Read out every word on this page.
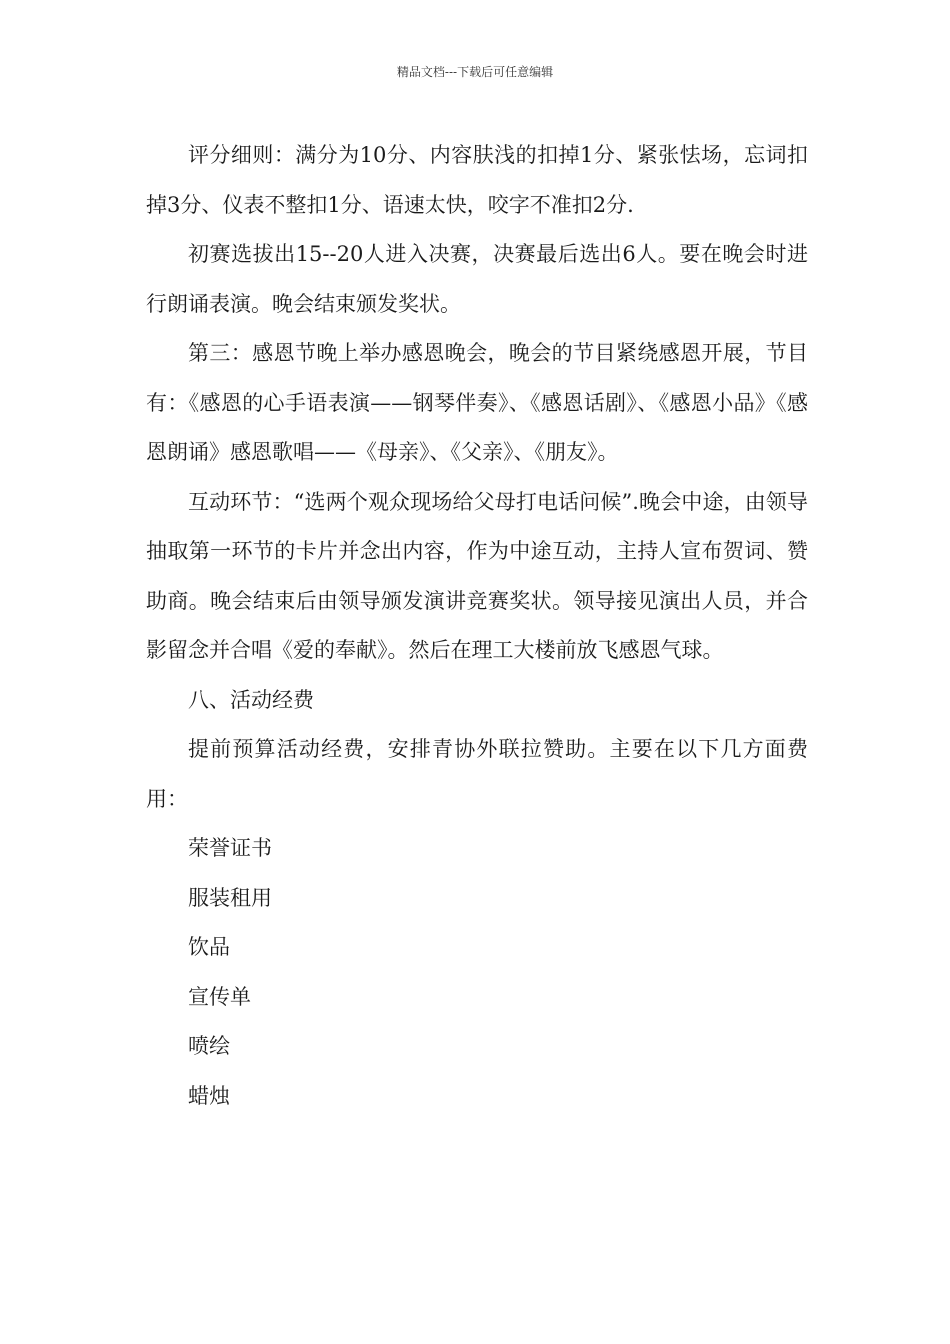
精品文档---下载后可任意编辑

评分细则：满分为10分、内容肤浅的扣掉1分、紧张怯场，忘词扣掉3分、仪表不整扣1分、语速太快，咬字不准扣2分.

初赛选拔出15--20人进入决赛，决赛最后选出6人。要在晚会时进行朗诵表演。晚会结束颁发奖状。

第三：感恩节晚上举办感恩晚会，晚会的节目紧绕感恩开展，节目有：《感恩的心手语表演——钢琴伴奏》、《感恩话剧》、《感恩小品》《感恩朗诵》感恩歌唱——《母亲》、《父亲》、《朋友》。

互动环节：“选两个观众现场给父母打电话问候”.晚会中途，由领导抽取第一环节的卡片并念出内容，作为中途互动，主持人宣布贺词、赞助商。晚会结束后由领导颁发演讲竞赛奖状。领导接见演出人员，并合影留念并合唱《爱的奉献》。然后在理工大楼前放飞感恩气球。

八、活动经费

提前预算活动经费，安排青协外联拉赞助。主要在以下几方面费用：

荣誉证书

服装租用

饮品

宣传单

喷绘

蜡烛
